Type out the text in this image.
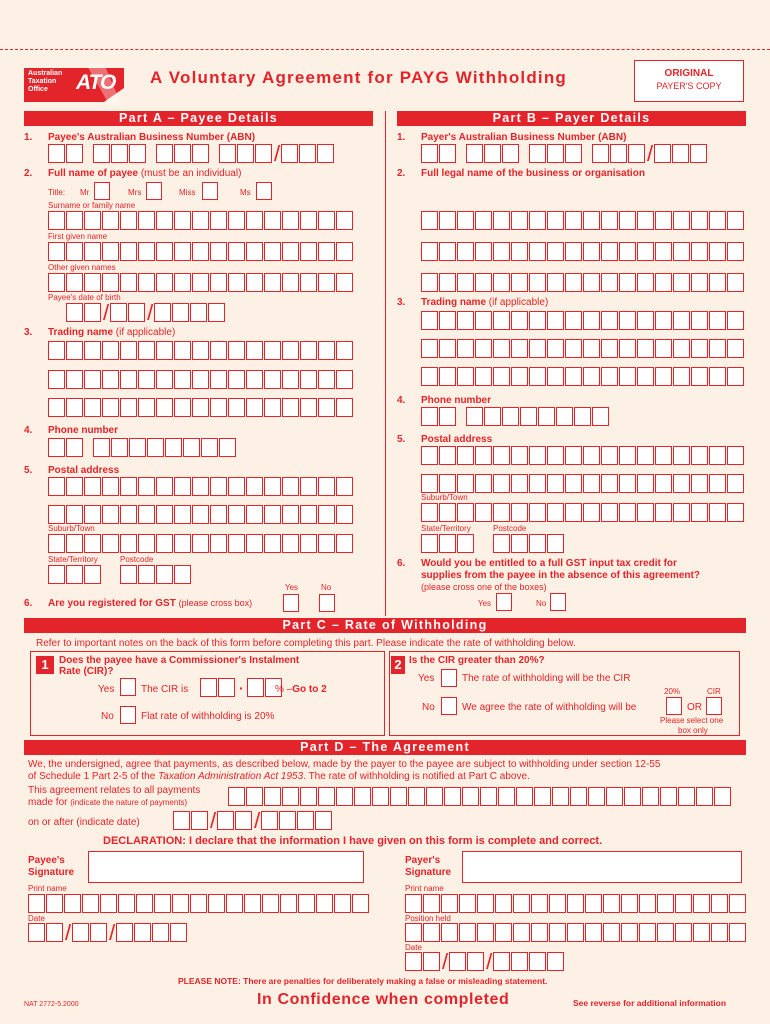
Australian
Taxation
Office	ATO A Voluntary Agreement for PAYG Withholding	ORIGINAL
PAYER'S COPY
Part A – Payee Details	Part B – Payer Details
1. Payee's Australian Business Number (ABN)
/
2. Full name of payee (must be an individual)
Title: Mr	Mrs	Miss	Ms
Surname or family name
First given name
Other given names
Payee's date of birth
/ /
3. Trading name (if applicable)
4. Phone number
5. Postal address
Suburb/Town
State/Territory	Postcode
Yes	No
6. Are you registered for GST (please cross box)
1. Payer's Australian Business Number (ABN)
/
2. Full legal name of the business or organisation
3. Trading name (if applicable)
4. Phone number
5. Postal address
Suburb/Town
State/Territory	Postcode
6. Would you be entitled to a full GST input tax credit for
supplies from the payee in the absence of this agreement?
(please cross one of the boxes)
Yes	No
Part C – Rate of Withholding
Refer to important notes on the back of this form before completing this part. Please indicate the rate of withholding below.
1	Does the payee have a Commissioner's Instalment
Rate (CIR)?
Yes	The CIR is	·	% –Go to 2
No	Flat rate of withholding is 20%
2 Is the CIR greater than 20%?
Yes	The rate of withholding will be the CIR
20%	CIR
No	We agree the rate of withholding will be	OR
Please select one
box only
Part D – The Agreement
We, the undersigned, agree that payments, as described below, made by the payer to the payee are subject to withholding under section 12-55
of Schedule 1 Part 2-5 of the Taxation Administration Act 1953. The rate of withholding is notified at Part C above.
This agreement relates to all payments
made for (indicate the nature of payments)
on or after (indicate date)	/ /
DECLARATION: I declare that the information I have given on this form is complete and correct.
Payee's
Signature
Print name
Date
/ /
Payer's
Signature
Print name
Position held
Date
/ /
PLEASE NOTE: There are penalties for deliberately making a false or misleading statement.
NAT 2772-5.2000	In Confidence when completed	See reverse for additional information
